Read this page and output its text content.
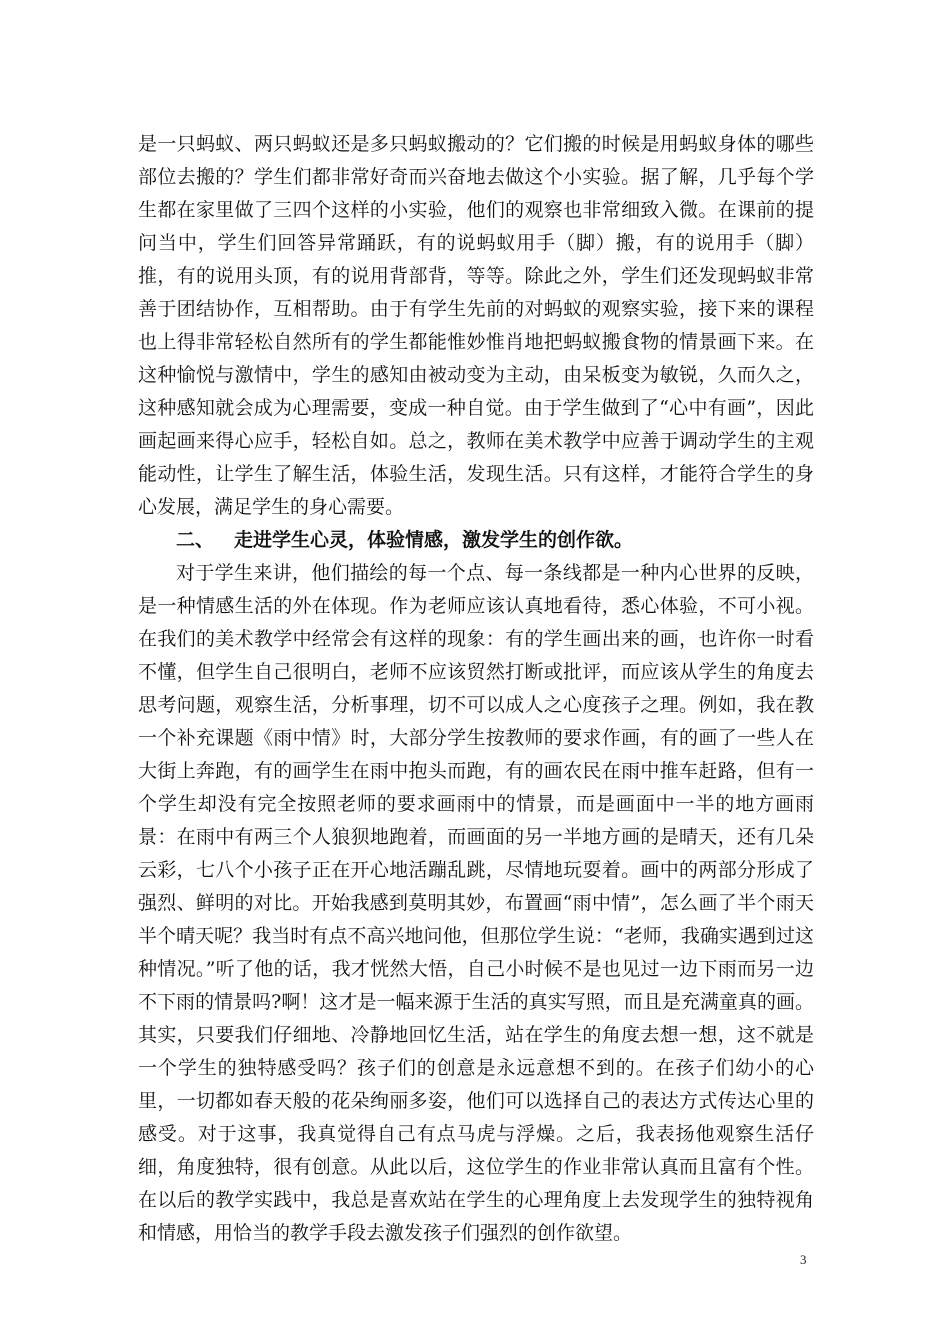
是一只蚂蚁、两只蚂蚁还是多只蚂蚁搬动的？它们搬的时候是用蚂蚁身体的哪些部位去搬的？学生们都非常好奇而兴奋地去做这个小实验。据了解，几乎每个学生都在家里做了三四个这样的小实验，他们的观察也非常细致入微。在课前的提问当中，学生们回答异常踊跃，有的说蚂蚁用手（脚）搬，有的说用手（脚）推，有的说用头顶，有的说用背部背，等等。除此之外，学生们还发现蚂蚁非常善于团结协作，互相帮助。由于有学生先前的对蚂蚁的观察实验，接下来的课程也上得非常轻松自然所有的学生都能惟妙惟肖地把蚂蚁搬食物的情景画下来。在这种愉悦与激情中，学生的感知由被动变为主动，由呆板变为敏锐，久而久之，这种感知就会成为心理需要，变成一种自觉。由于学生做到了“心中有画”，因此画起画来得心应手，轻松自如。总之，教师在美术教学中应善于调动学生的主观能动性，让学生了解生活，体验生活，发现生活。只有这样，才能符合学生的身心发展，满足学生的身心需要。

二、 走进学生心灵，体验情感，激发学生的创作欲。

对于学生来讲，他们描绘的每一个点、每一条线都是一种内心世界的反映，是一种情感生活的外在体现。作为老师应该认真地看待，悉心体验，不可小视。在我们的美术教学中经常会有这样的现象：有的学生画出来的画，也许你一时看不懂，但学生自己很明白，老师不应该贸然打断或批评，而应该从学生的角度去思考问题，观察生活，分析事理，切不可以成人之心度孩子之理。例如，我在教一个补充课题《雨中情》时，大部分学生按教师的要求作画，有的画了一些人在大街上奔跑，有的画学生在雨中抱头而跑，有的画农民在雨中推车赶路，但有一个学生却没有完全按照老师的要求画雨中的情景，而是画面中一半的地方画雨景：在雨中有两三个人狼狈地跑着，而画面的另一半地方画的是晴天，还有几朵云彩，七八个小孩子正在开心地活蹦乱跳，尽情地玩耍着。画中的两部分形成了强烈、鲜明的对比。开始我感到莫明其妙，布置画“雨中情”，怎么画了半个雨天半个晴天呢？我当时有点不高兴地问他，但那位学生说：“老师，我确实遇到过这种情况。”听了他的话，我才恍然大悟，自己小时候不是也见过一边下雨而另一边不下雨的情景吗?啊！这才是一幅来源于生活的真实写照，而且是充满童真的画。其实，只要我们仔细地、冷静地回忆生活，站在学生的角度去想一想，这不就是一个学生的独特感受吗？孩子们的创意是永远意想不到的。在孩子们幼小的心里，一切都如春天般的花朵绚丽多姿，他们可以选择自己的表达方式传达心里的感受。对于这事，我真觉得自己有点马虎与浮燥。之后，我表扬他观察生活仔细，角度独特，很有创意。从此以后，这位学生的作业非常认真而且富有个性。在以后的教学实践中，我总是喜欢站在学生的心理角度上去发现学生的独特视角和情感，用恰当的教学手段去激发孩子们强烈的创作欲望。

3
